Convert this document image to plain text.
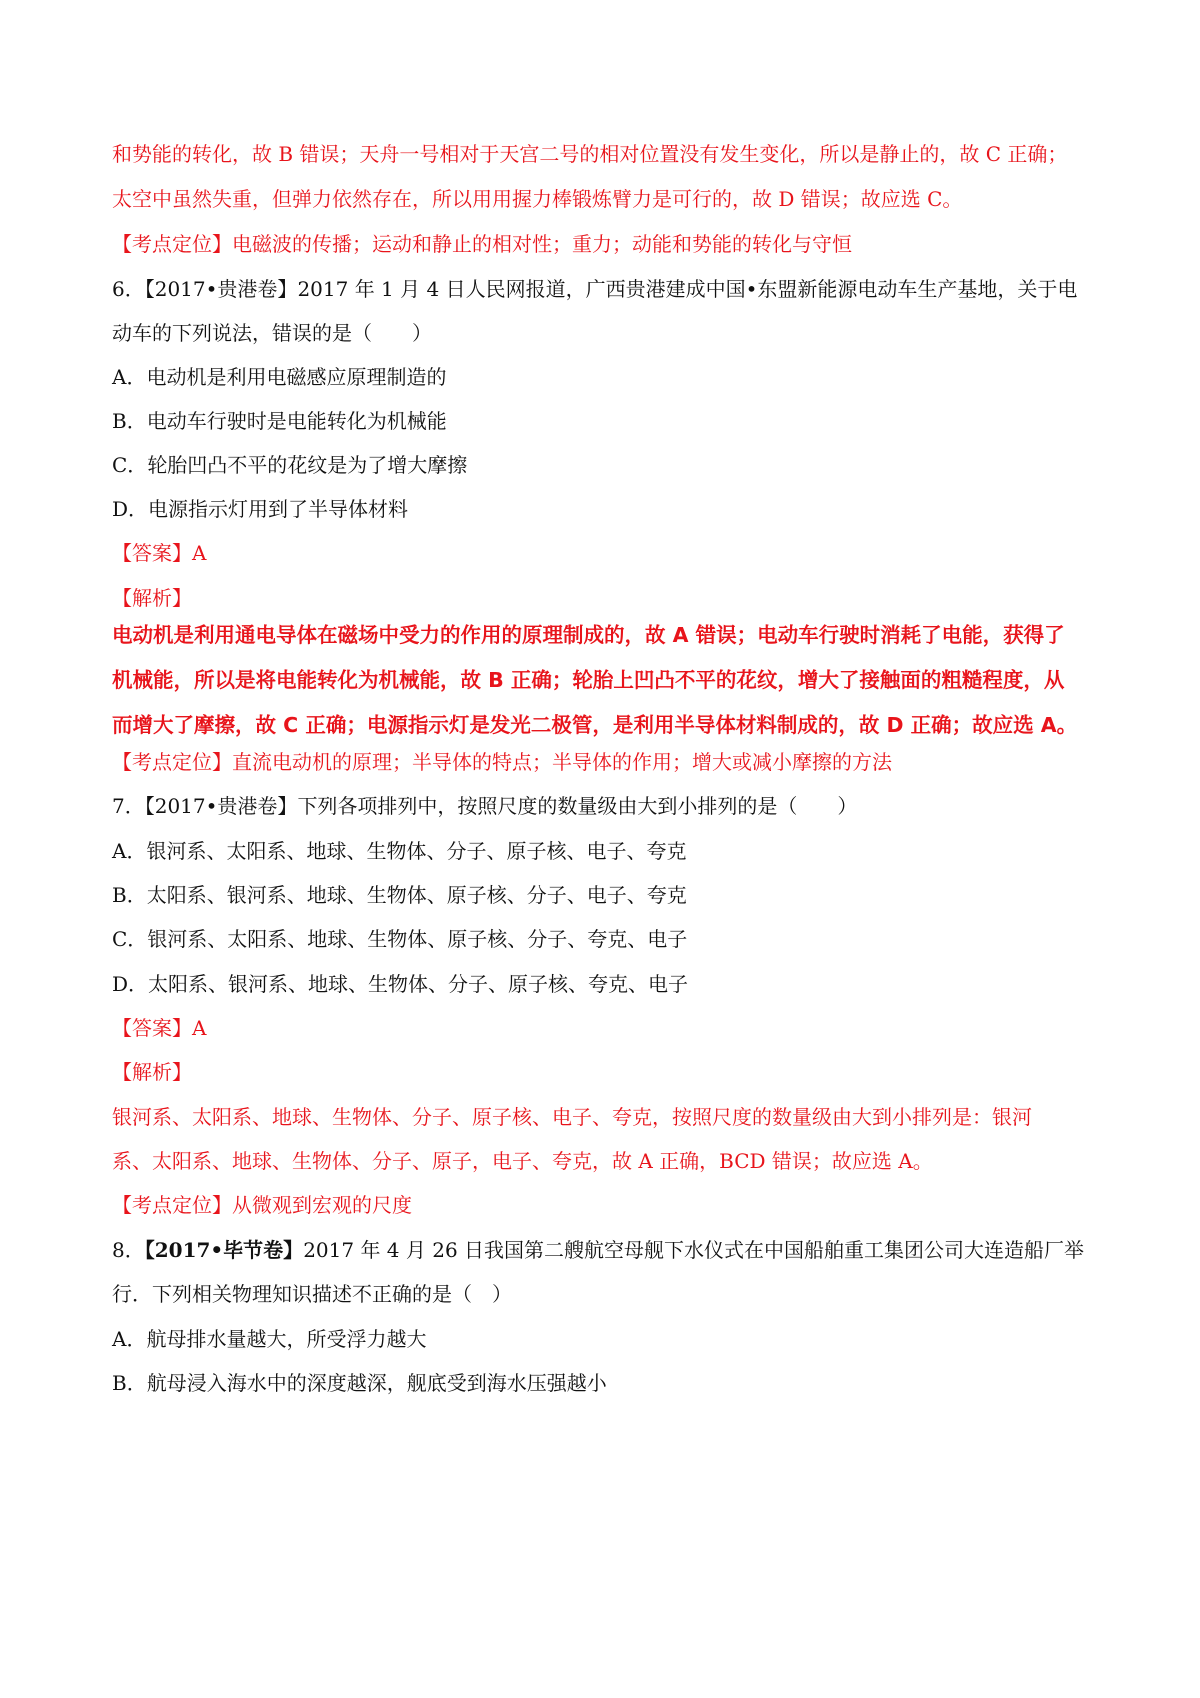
和势能的转化，故 B 错误；天舟一号相对于天宫二号的相对位置没有发生变化，所以是静止的，故 C 正确；
太空中虽然失重，但弹力依然存在，所以用用握力棒锻炼臂力是可行的，故 D 错误；故应选 C。
【考点定位】电磁波的传播；运动和静止的相对性；重力；动能和势能的转化与守恒
6．【2017•贵港卷】2017 年 1 月 4 日人民网报道，广西贵港建成中国•东盟新能源电动车生产基地，关于电
动车的下列说法，错误的是（　　）
A．电动机是利用电磁感应原理制造的
B．电动车行驶时是电能转化为机械能
C．轮胎凹凸不平的花纹是为了增大摩擦
D．电源指示灯用到了半导体材料
【答案】A
【解析】
电动机是利用通电导体在磁场中受力的作用的原理制成的，故 A 错误；电动车行驶时消耗了电能，获得了
机械能，所以是将电能转化为机械能，故 B 正确；轮胎上凹凸不平的花纹，增大了接触面的粗糙程度，从
而增大了摩擦，故 C 正确；电源指示灯是发光二极管，是利用半导体材料制成的，故 D 正确；故应选 A。
【考点定位】直流电动机的原理；半导体的特点；半导体的作用；增大或减小摩擦的方法
7．【2017•贵港卷】下列各项排列中，按照尺度的数量级由大到小排列的是（　　）
A．银河系、太阳系、地球、生物体、分子、原子核、电子、夸克
B．太阳系、银河系、地球、生物体、原子核、分子、电子、夸克
C．银河系、太阳系、地球、生物体、原子核、分子、夸克、电子
D．太阳系、银河系、地球、生物体、分子、原子核、夸克、电子
【答案】A
【解析】
银河系、太阳系、地球、生物体、分子、原子核、电子、夸克，按照尺度的数量级由大到小排列是：银河
系、太阳系、地球、生物体、分子、原子，电子、夸克，故 A 正确，BCD 错误；故应选 A。
【考点定位】从微观到宏观的尺度
8．【2017•毕节卷】2017 年 4 月 26 日我国第二艘航空母舰下水仪式在中国船舶重工集团公司大连造船厂举
行．下列相关物理知识描述不正确的是（　）
A．航母排水量越大，所受浮力越大
B．航母浸入海水中的深度越深，舰底受到海水压强越小
